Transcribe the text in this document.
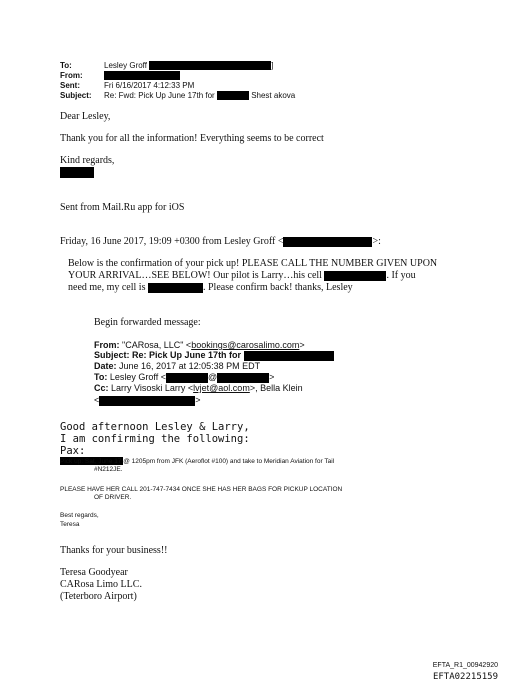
To:	Lesley Groff	]
From:
Sent:	Fri 6/16/2017 4:12:33 PM
Subject: Re: Fwd: Pick Up June 17th for	Shest akova
Dear Lesley,
Thank you for all the information! Everything seems to be correct
Kind regards,
Sent from Mail.Ru app for iOS
Friday, 16 June 2017, 19:09 +0300 from Lesley Groff <	>:
Below is the confirmation of your pick up! PLEASE CALL THE NUMBER GIVEN UPON
YOUR ARRIVAL…SEE BELOW! Our pilot is Larry…his cell	. If you
need me, my cell is	. Please confirm back! thanks, Lesley
Begin forwarded message:
From: "CARosa, LLC" <bookings@carosalimo.com>
Subject: Re: Pick Up June 17th for
Date: June 16, 2017 at 12:05:38 PM EDT
To: Lesley Groff <	@	>
Cc: Larry Visoski Larry <lvjet@aol.com>, Bella Klein
<	>
Good afternoon Lesley & Larry,
I am confirming the following:
Pax:
Pick up: Sat, June 17 @ 1205pm from JFK (Aeroflot #100) and take to Meridian Aviation for Tail
#N212JE.
PLEASE HAVE HER CALL 201-747-7434 ONCE SHE HAS HER BAGS FOR PICKUP LOCATION
OF DRIVER.
Best regards,
Teresa
Thanks for your business!!
Teresa Goodyear
CARosa Limo LLC.
(Teterboro Airport)
EFTA_R1_00942920
EFTA02215159
